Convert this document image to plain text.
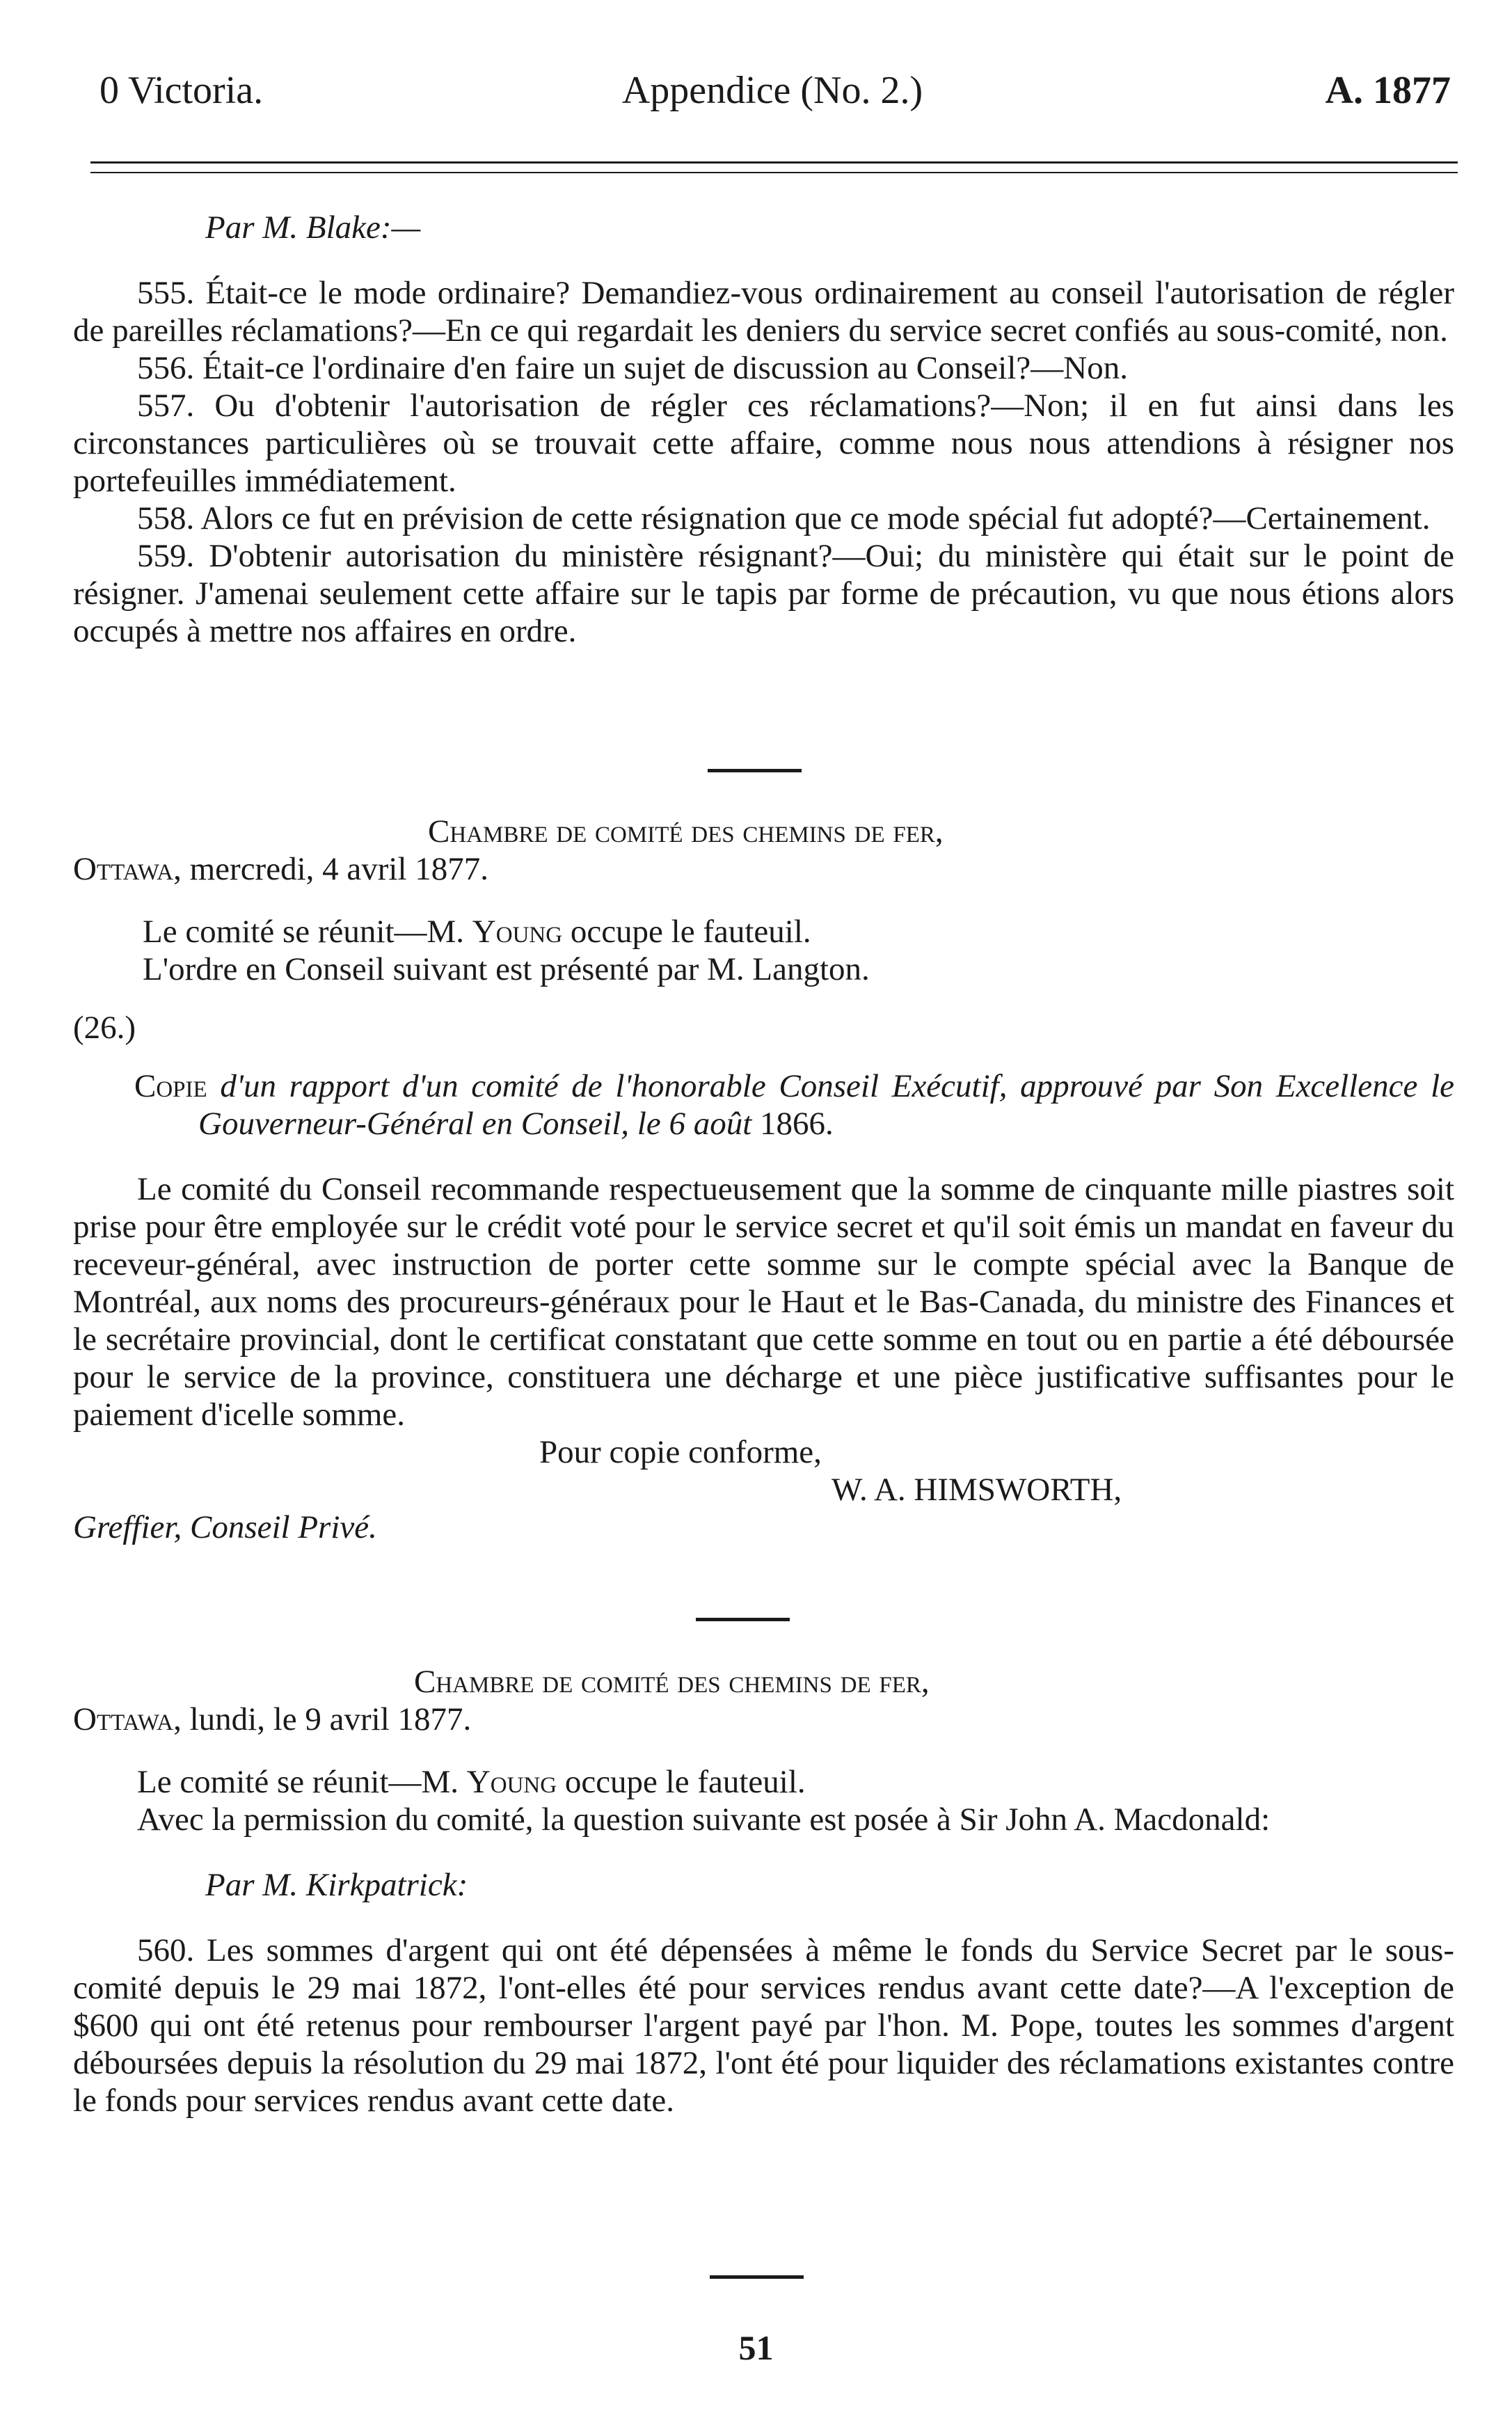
0 Victoria.	Appendice (No. 2.)	A. 1877

Par M. Blake:—

555. Était-ce le mode ordinaire? Demandiez-vous ordinairement au conseil l'autorisation de régler de pareilles réclamations?—En ce qui regardait les deniers du service secret confiés au sous-comité, non.

556. Était-ce l'ordinaire d'en faire un sujet de discussion au Conseil?—Non.

557. Ou d'obtenir l'autorisation de régler ces réclamations?—Non; il en fut ainsi dans les circonstances particulières où se trouvait cette affaire, comme nous nous attendions à résigner nos portefeuilles immédiatement.

558. Alors ce fut en prévision de cette résignation que ce mode spécial fut adopté?—Certainement.

559. D'obtenir autorisation du ministère résignant?—Oui; du ministère qui était sur le point de résigner. J'amenai seulement cette affaire sur le tapis par forme de précaution, vu que nous étions alors occupés à mettre nos affaires en ordre.

Chambre de comité des chemins de fer,

Ottawa, mercredi, 4 avril 1877.

Le comité se réunit—M. Young occupe le fauteuil.

L'ordre en Conseil suivant est présenté par M. Langton.

(26.)

Copie d'un rapport d'un comité de l'honorable Conseil Exécutif, approuvé par Son Excellence le Gouverneur-Général en Conseil, le 6 août 1866.

Le comité du Conseil recommande respectueusement que la somme de cinquante mille piastres soit prise pour être employée sur le crédit voté pour le service secret et qu'il soit émis un mandat en faveur du receveur-général, avec instruction de porter cette somme sur le compte spécial avec la Banque de Montréal, aux noms des procureurs-généraux pour le Haut et le Bas-Canada, du ministre des Finances et le secrétaire provincial, dont le certificat constatant que cette somme en tout ou en partie a été déboursée pour le service de la province, constituera une décharge et une pièce justificative suffisantes pour le paiement d'icelle somme.

Pour copie conforme,

W. A. HIMSWORTH,

Greffier, Conseil Privé.

Chambre de comité des chemins de fer,

Ottawa, lundi, le 9 avril 1877.

Le comité se réunit—M. Young occupe le fauteuil.

Avec la permission du comité, la question suivante est posée à Sir John A. Macdonald:

Par M. Kirkpatrick:

560. Les sommes d'argent qui ont été dépensées à même le fonds du Service Secret par le sous-comité depuis le 29 mai 1872, l'ont-elles été pour services rendus avant cette date?—A l'exception de $600 qui ont été retenus pour rembourser l'argent payé par l'hon. M. Pope, toutes les sommes d'argent déboursées depuis la résolution du 29 mai 1872, l'ont été pour liquider des réclamations existantes contre le fonds pour services rendus avant cette date.

51
